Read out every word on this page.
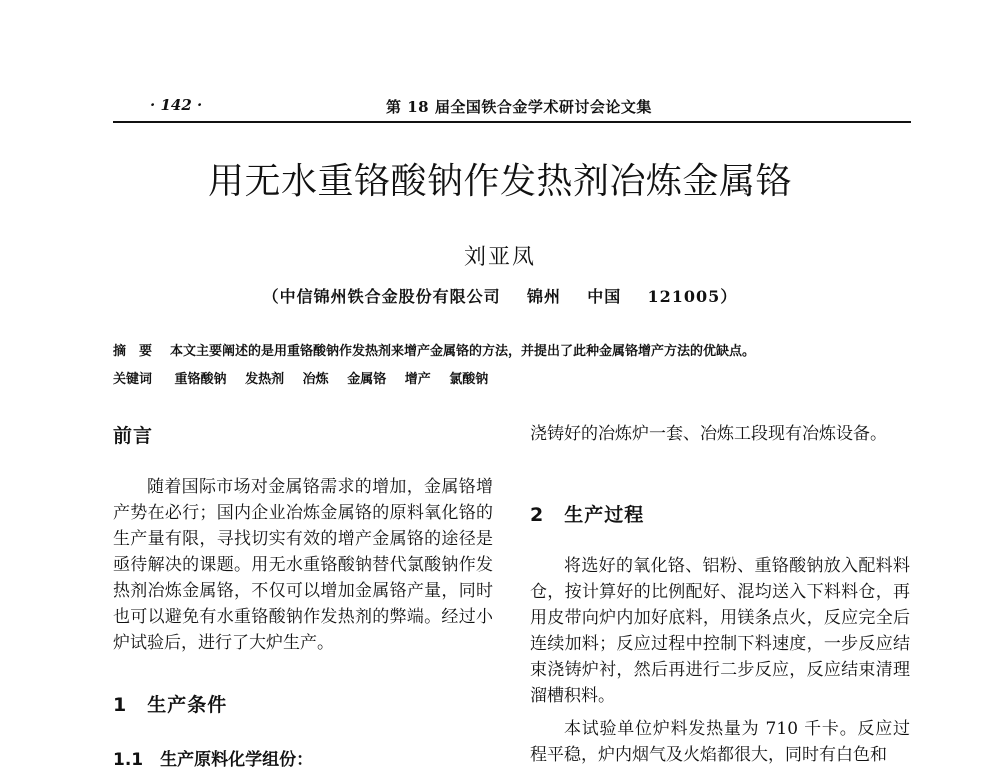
· 142 ·	第 18 届全国铁合金学术研讨会论文集
用无水重铬酸钠作发热剂冶炼金属铬
刘亚凤
（中信锦州铁合金股份有限公司    锦州    中国    121005）
摘　要 本文主要阐述的是用重铬酸钠作发热剂来增产金属铬的方法，并提出了此种金属铬增产方法的优缺点。
关键词 重铬酸钠 发热剂 冶炼 金属铬 增产 氯酸钠
前言
随着国际市场对金属铬需求的增加，金属铬增产势在必行；国内企业冶炼金属铬的原料氧化铬的生产量有限，寻找切实有效的增产金属铬的途径是亟待解决的课题。用无水重铬酸钠替代氯酸钠作发热剂冶炼金属铬，不仅可以增加金属铬产量，同时也可以避免有水重铬酸钠作发热剂的弊端。经过小炉试验后，进行了大炉生产。
1　生产条件
1.1　生产原料化学组份：
浇铸好的冶炼炉一套、冶炼工段现有冶炼设备。
2　生产过程
将选好的氧化铬、铝粉、重铬酸钠放入配料料仓，按计算好的比例配好、混均送入下料料仓，再用皮带向炉内加好底料，用镁条点火，反应完全后连续加料；反应过程中控制下料速度，一步反应结束浇铸炉衬，然后再进行二步反应，反应结束清理溜槽积料。
本试验单位炉料发热量为 710 千卡。反应过程平稳，炉内烟气及火焰都很大，同时有白色和
